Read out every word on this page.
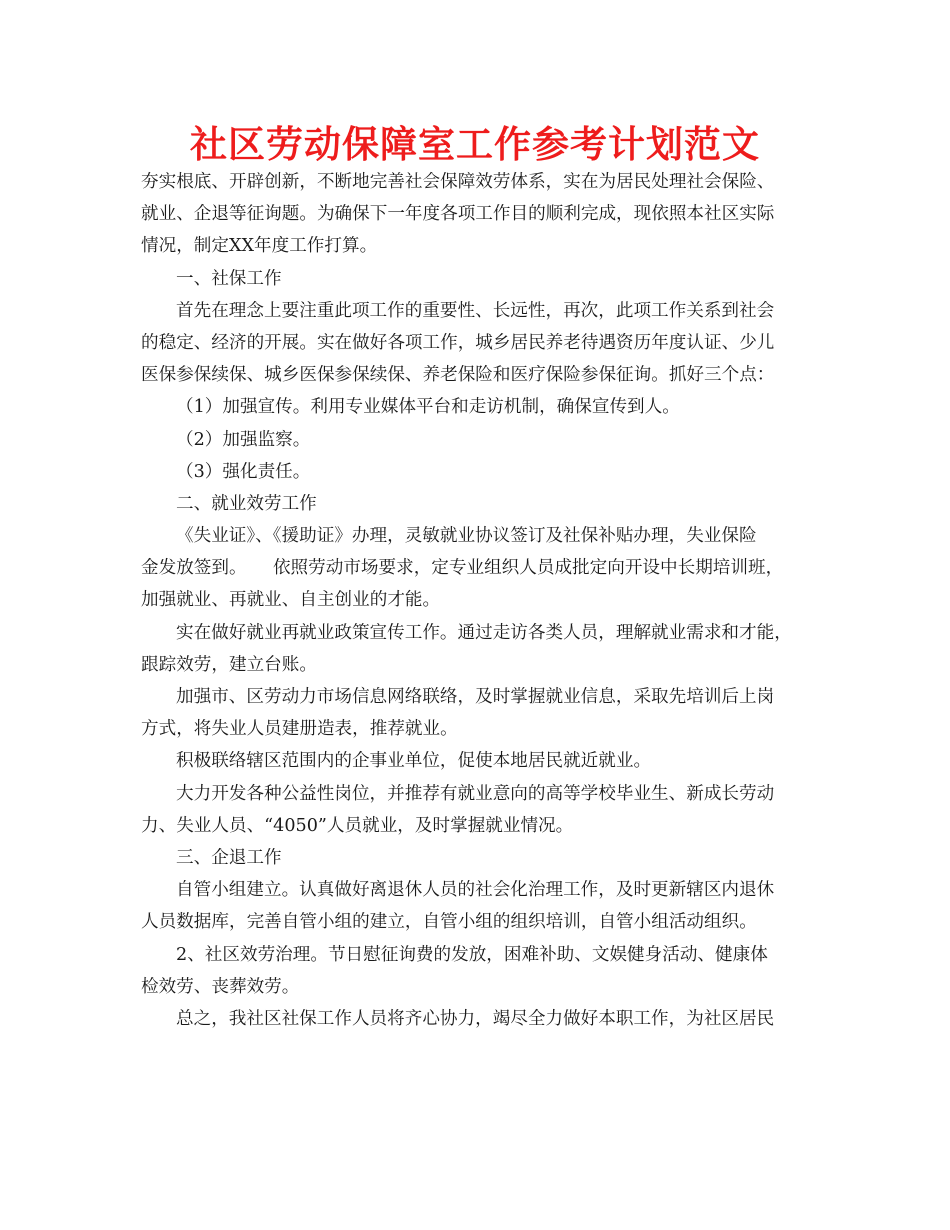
社区劳动保障室工作参考计划范文
夯实根底、开辟创新，不断地完善社会保障效劳体系，实在为居民处理社会保险、
就业、企退等征询题。为确保下一年度各项工作目的顺利完成，现依照本社区实际
情况，制定XX年度工作打算。
一、社保工作
首先在理念上要注重此项工作的重要性、长远性，再次，此项工作关系到社会
的稳定、经济的开展。实在做好各项工作，城乡居民养老待遇资历年度认证、少儿
医保参保续保、城乡医保参保续保、养老保险和医疗保险参保征询。抓好三个点：
（1）加强宣传。利用专业媒体平台和走访机制，确保宣传到人。
（2）加强监察。
（3）强化责任。
二、就业效劳工作
《失业证》、《援助证》办理，灵敏就业协议签订及社保补贴办理，失业保险
金发放签到。　　依照劳动市场要求，定专业组织人员成批定向开设中长期培训班，
加强就业、再就业、自主创业的才能。
实在做好就业再就业政策宣传工作。通过走访各类人员，理解就业需求和才能，
跟踪效劳，建立台账。
加强市、区劳动力市场信息网络联络，及时掌握就业信息，采取先培训后上岗
方式，将失业人员建册造表，推荐就业。
积极联络辖区范围内的企事业单位，促使本地居民就近就业。
大力开发各种公益性岗位，并推荐有就业意向的高等学校毕业生、新成长劳动
力、失业人员、“4050”人员就业，及时掌握就业情况。
三、企退工作
自管小组建立。认真做好离退休人员的社会化治理工作，及时更新辖区内退休
人员数据库，完善自管小组的建立，自管小组的组织培训，自管小组活动组织。
2、社区效劳治理。节日慰征询费的发放，困难补助、文娱健身活动、健康体
检效劳、丧葬效劳。
总之，我社区社保工作人员将齐心协力，竭尽全力做好本职工作，为社区居民
